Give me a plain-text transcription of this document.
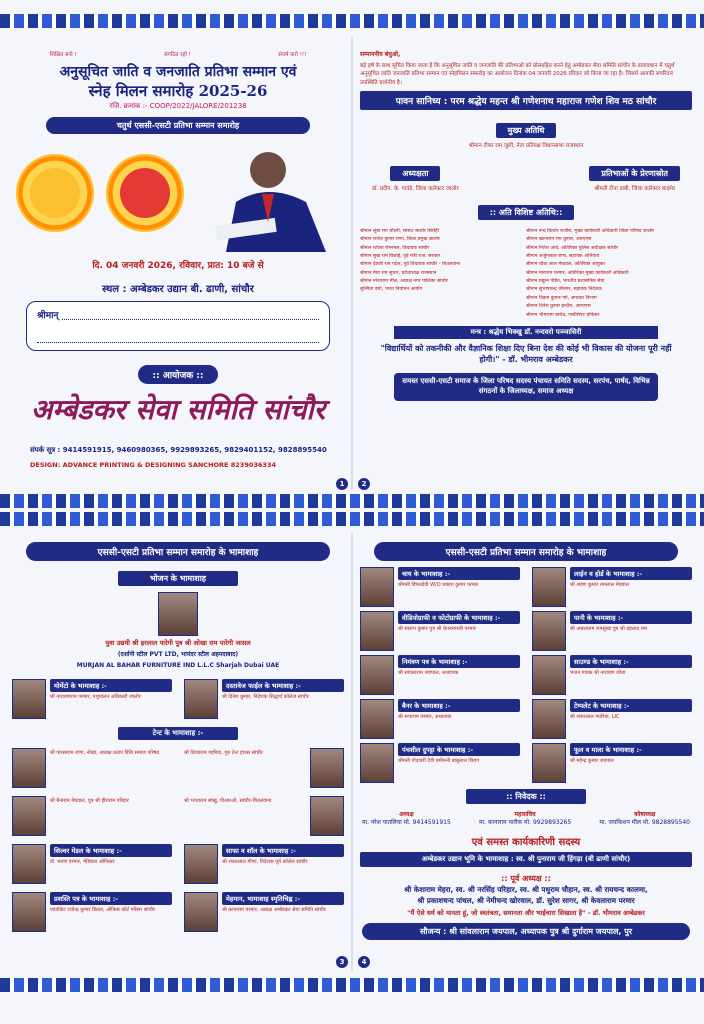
शिक्षित बनो !	संगठित रहो !	संघर्ष करो !!!
अनुसूचित जाति व जनजाति प्रतिभा सम्मान एवं
स्नेह मिलन समारोह 2025-26
रजि. क्रमांक :- COOP/2022/JALORE/201238
चतुर्थ एससी-एसटी प्रतिभा सम्मान समारोह
दि. 04 जनवरी 2026, रविवार, प्रात: 10 बजे से
स्थल : अम्बेडकर उद्यान बी. ढाणी, सांचौर
श्रीमान्
:: आयोजक ::
अम्बेडकर सेवा समिति सांचौर
संपर्क सूत्र : 9414591915, 9460980365, 9929893265, 9829401152, 9828895540
DESIGN: ADVANCE PRINTING & DESIGNING SANCHORE 8239036334
1
सम्माननीय बंधुओ,
बड़े हर्ष के साथ सूचित किया जाता है कि अनुसूचित जाति व जनजाति की प्रतिभाओं को प्रोत्साहित करने हेतु अम्बेडकर सेवा समिति सांचौर के तत्वावधान में चतुर्थ अनुसूचित जाति जनजाति प्रतिभा सम्मान एवं स्नेहमिलन समारोह का आयोजन दिनांक 04 जनवरी 2026 रविवार को किया जा रहा है। जिसमें आपकी सपरिवार उपस्थिति प्रार्थनीय है।
पावन सानिध्य : परम श्रद्धेय महन्त श्री गणेशनाथ महाराज गणेश शिव मठ सांचौर
मुख्य अतिथि
श्रीमान टीका राम जुली, नेता प्रतिपक्ष विधानसभा राजस्थान
अध्यक्षता
डॉ. प्रदीप. के. गावंडे, जिला कलेक्टर जालोर
प्रतिभाओं के प्रेरणास्रोत
श्रीमती टीना डाबी, जिला कलेक्टर बाड़मेर
:: अति विशिष्ट अतिथि::
श्रीमान लुंबा राम चौधरी, सांसद जालोर सिरोही
श्रीमान राजेश कुमार राणा, जिला प्रमुख जालोर
श्रीमान रतीजा रोमरमल, विधायक सांचौर
श्रीमान सुख राम विश्नोई, पूर्व मंत्री राज. सरकार
श्रीमान देवजी राम पटेल, पूर्व विधायक सांचौर - चितलवाना
श्रीमान मेघा राम सुथार, प्रदेशाध्यक्ष राजस्थान
श्रीमान नरेशाराम मील, अध्यक्ष नगर पालिका सांचौर
सुश्मिता वर्मा, भारत निर्वाचन आयोग
श्रीमान नन्द किशोर राजौरा, मुख्य कार्यकारी अधिकारी जिला परिषद जालोर
श्रीमान खानाराम राम कुमार, आरएएस
श्रीमान नितेश आर्य, अतिरिक्त पुलिस अधीक्षक सांचौर
श्रीमान अर्जुनलाल राणा, सहायक अभियंता
श्रीमान चौथा लाल मेघवाल, अतिरिक्त आयुक्त
श्रीमान माराराम परमार, अतिरिक्त मुख्य कार्यकारी अधिकारी
श्रीमान प्रद्युम्न पंडित, भारतीय प्रशासनिक सेवा
श्रीमान सुभाषचन्द्र जीनगर, सहायक निदेशक
श्रीमान विक्रम कुमार गर्ग, आयकर विभाग
श्रीमान दिनेश कुमार इन्दौरा, आरएएस
श्रीमान भीमाराम बारोठ, एसोसिएट प्रोफेसर
मन्त्र : श्रद्धेय भिक्खु डॉ. नन्दवरो पञ्ञासिरी
"विद्यार्थियों को तकनीकी और वैज्ञानिक शिक्षा दिए बिना देश की कोई भी विकास की योजना पूरी नहीं होगी।" - डॉ. भीमराव अम्बेडकर
समस्त एससी-एसटी समाज के जिला परिषद सदस्य पंचायत समिति सदस्य, सरपंच, पार्षद, विभिन्न संगठनों के जिलाध्यक्ष, समाज अध्यक्ष
2
एससी-एसटी प्रतिभा सम्मान समारोह के भामाशाह
भोजन के भामाशाह
युवा उद्यमी श्री हरलाल पारेगी पुत्र श्री ओखा राम पारेगी जासल
(दर्शानी स्टील PVT LTD, भायंदर स्टील अहमदाबाद)
MURJAN AL BAHAR FURNITURE IND L.L.C Sharjah Dubai UAE
मोमेंटो के भामाशाह :-
श्री नारायणराम परमार, पशुपालन अधिकारी जालोर
दस्तावेज फाईल के भामाशाह :-
श्री दिनेश कुमार, निदेशक सिद्धार्थ कॉलेज सांचौर
टेन्ट के भामाशाह :-
श्री पारसाराम राणा, नोखा, अध्यक्ष प्रताप विधि समाज परिषद	श्री दिव्याराम गहरिया, गुरु टेन्ट हाउस सांचौर
श्री बैनाराम मेघवाल, पुत्र श्री हीराराम परिहार	श्री भंवराराम सांखु, पीआरओ, सांचौर-चितलवाना
सिल्वर मेडल के भामाशाह :-
डॉ. श्रवण परमार, मेडिकल ऑफिसर
साफा व शॉल के भामाशाह :-
श्री शंकरलाल मीणा, निदेशक पूर्व कॉलेज सांचौर
प्रशस्ति पत्र के भामाशाह :-
एडवोकेट राजेन्द्र कुमार डिल्ला, ऑफिस कोर्ट परिसर सांचौर
मेहमान, भामाशाह स्मृतिचिह्न :-
श्री कानाराम परमार, अध्यक्ष अम्बेडकर सेवा समिति सांचौर
3
एससी-एसटी प्रतिभा सम्मान समारोह के भामाशाह
चाय के भामाशाह :-
श्रीमती डिंपलदेवी W/O प्रकाश कुमार परमार
लाईन व होर्ड के भामाशाह :-
श्री श्रवण कुमार रामलाल मेघवाल
वीडियोग्राफी व फोटोग्राफी के भामाशाह :-
श्री स्वरूप कुमार पुत्र श्री चेतनरामजी परमार
पानी के भामाशाह :-
श्री अचलाराम रामसुखा पुत्र श्री प्रहलाद राम
निमंत्रण पत्र के भामाशाह :-
श्री सांवलाराम जयपाल, अध्यापक
साउण्ड के भामाशाह :-
भजन गायक श्री नारायण जोधा
बैनर के भामाशाह :-
श्री रूपाराम परमार, अध्यापक
टेम्पलेट के भामाशाह :-
श्री शंकरलाल ग्यारिया, LIC
पंचशील दुपट्टा के भामाशाह :-
श्रीमती गोदावरी देवी धर्मपत्नी बाबूलाल चिराग
फूल व माला के भामाशाह :-
श्री महेन्द्र कुमार जयपाल
:: निवेदक ::
अध्यक्ष
मा. नरेश पातलिया मो. 9414591915
महासचिव
मा. कानाराम पारीक मो. 9929893265
कोषाध्यक्ष
मा. जयकिशन मील मो. 9828895540
एवं समस्त कार्यकारिणी सदस्य
अम्बेडकर उद्यान भूमि के भामाशाह : स्व. श्री पुनाराम जी हिंगड़ा (बी ढाणी सांचौर)
:: पूर्व अध्यक्ष ::
श्री केशाराम मेहरा, स्व. श्री नरसिंह परिहार, स्व. श्री पथुराम चौहान, स्व. श्री रायचन्द कालमा,
श्री प्रकाशचन्द पांचल, श्री नेमीचन्द खोरवाल, डॉ. सुरेश सागर, श्री केवलाराम परमार
"मैं ऐसे धर्म को मानता हूं, जो स्वतंत्रता, समानता और भाईचारा सिखाता है" - डॉ. भीमराव अम्बेडकर
सौजन्य : श्री सांवलाराम जयपाल, अध्यापक पुत्र श्री दुर्गाराम जयपाल, पुर
4
